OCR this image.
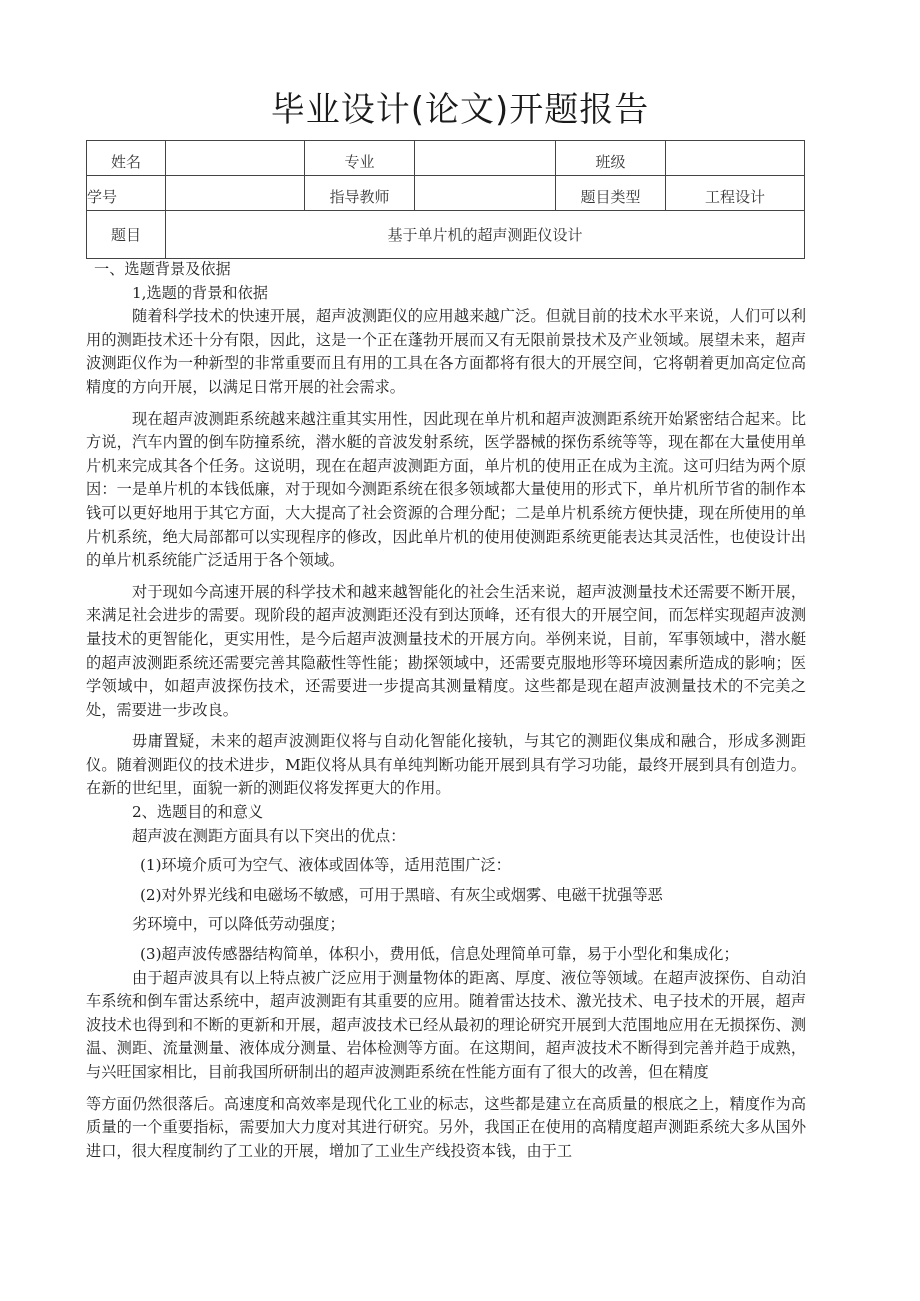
毕业设计(论文)开题报告
姓名		专业		班级	

学号		指导教师		题目类型	工程设计

题目	基于单片机的超声测距仪设计				

一、选题背景及依据

1,选题的背景和依据

随着科学技术的快速开展，超声波测距仪的应用越来越广泛。但就目前的技术水平来说，人们可以利用的测距技术还十分有限，因此，这是一个正在蓬勃开展而又有无限前景技术及产业领域。展望未来，超声波测距仪作为一种新型的非常重要而且有用的工具在各方面都将有很大的开展空间，它将朝着更加高定位高精度的方向开展，以满足日常开展的社会需求。

现在超声波测距系统越来越注重其实用性，因此现在单片机和超声波测距系统开始紧密结合起来。比方说，汽车内置的倒车防撞系统，潜水艇的音波发射系统，医学器械的探伤系统等等，现在都在大量使用单片机来完成其各个任务。这说明，现在在超声波测距方面，单片机的使用正在成为主流。这可归结为两个原因：一是单片机的本钱低廉，对于现如今测距系统在很多领域都大量使用的形式下，单片机所节省的制作本钱可以更好地用于其它方面，大大提高了社会资源的合理分配；二是单片机系统方便快捷，现在所使用的单片机系统，绝大局部都可以实现程序的修改，因此单片机的使用使测距系统更能表达其灵活性，也使设计出的单片机系统能广泛适用于各个领域。

对于现如今高速开展的科学技术和越来越智能化的社会生活来说，超声波测量技术还需要不断开展，来满足社会进步的需要。现阶段的超声波测距还没有到达顶峰，还有很大的开展空间，而怎样实现超声波测量技术的更智能化，更实用性，是今后超声波测量技术的开展方向。举例来说，目前，军事领域中，潜水艇的超声波测距系统还需要完善其隐蔽性等性能；勘探领域中，还需要克服地形等环境因素所造成的影响；医学领域中，如超声波探伤技术，还需要进一步提高其测量精度。这些都是现在超声波测量技术的不完美之处，需要进一步改良。

毋庸置疑，未来的超声波测距仪将与自动化智能化接轨，与其它的测距仪集成和融合，形成多测距仪。随着测距仪的技术进步，M距仪将从具有单纯判断功能开展到具有学习功能，最终开展到具有创造力。在新的世纪里，面貌一新的测距仪将发挥更大的作用。

2、选题目的和意义

超声波在测距方面具有以下突出的优点：

(1)环境介质可为空气、液体或固体等，适用范围广泛：

(2)对外界光线和电磁场不敏感，可用于黑暗、有灰尘或烟雾、电磁干扰强等恶

劣环境中，可以降低劳动强度；

(3)超声波传感器结构简单，体积小，费用低，信息处理简单可靠，易于小型化和集成化；

由于超声波具有以上特点被广泛应用于测量物体的距离、厚度、液位等领域。在超声波探伤、自动泊车系统和倒车雷达系统中，超声波测距有其重要的应用。随着雷达技术、激光技术、电子技术的开展，超声波技术也得到和不断的更新和开展，超声波技术已经从最初的理论研究开展到大范围地应用在无损探伤、测温、测距、流量测量、液体成分测量、岩体检测等方面。在这期间，超声波技术不断得到完善并趋于成熟，与兴旺国家相比，目前我国所研制出的超声波测距系统在性能方面有了很大的改善，但在精度

等方面仍然很落后。高速度和高效率是现代化工业的标志，这些都是建立在高质量的根底之上，精度作为高质量的一个重要指标，需要加大力度对其进行研究。另外，我国正在使用的高精度超声测距系统大多从国外进口，很大程度制约了工业的开展，增加了工业生产线投资本钱，由于工
